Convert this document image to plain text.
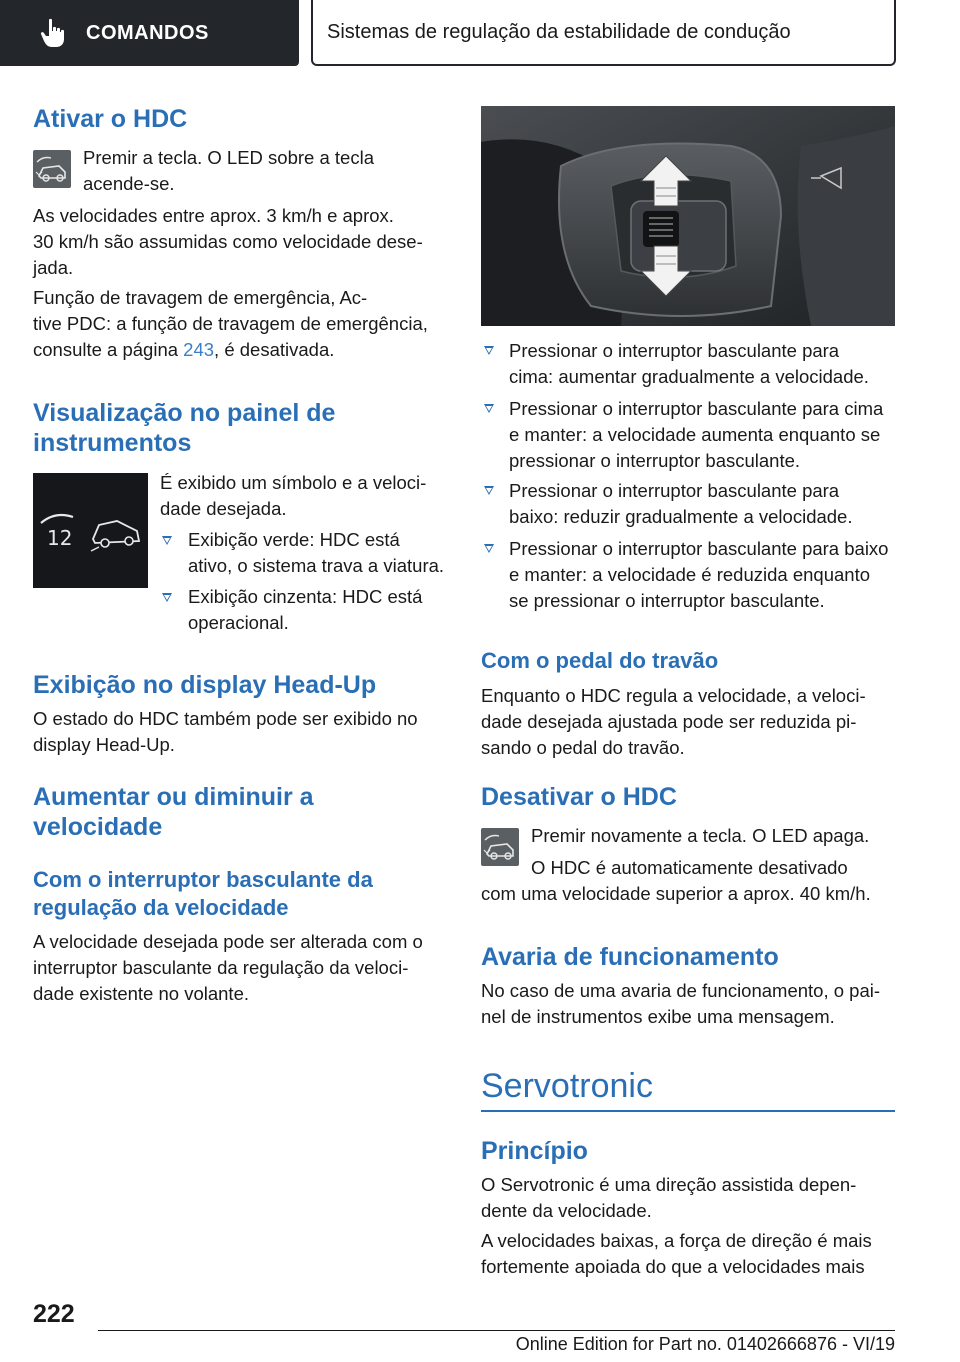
COMANDOS	Sistemas de regulação da estabilidade de condução
Ativar o HDC

Premir a tecla. O LED sobre a tecla

acende-se.

As velocidades entre aprox. 3 km/h e aprox.

30 km/h são assumidas como velocidade dese‐

jada.

Função de travagem de emergência, Ac‐

tive PDC: a função de travagem de emergência,

consulte a página 243, é desativada.

Visualização no painel de
instrumentos
12

É exibido um símbolo e a veloci‐

dade desejada.

Exibição verde: HDC está

ativo, o sistema trava a viatura.

Exibição cinzenta: HDC está

operacional.

Exibição no display Head-Up

O estado do HDC também pode ser exibido no

display Head-Up.

Aumentar ou diminuir a
velocidade
Com o interruptor basculante da
regulação da velocidade

A velocidade desejada pode ser alterada com o

interruptor basculante da regulação da veloci‐

dade existente no volante.

Pressionar o interruptor basculante para

cima: aumentar gradualmente a velocidade.

Pressionar o interruptor basculante para cima

e manter: a velocidade aumenta enquanto se

pressionar o interruptor basculante.

Pressionar o interruptor basculante para

baixo: reduzir gradualmente a velocidade.

Pressionar o interruptor basculante para baixo

e manter: a velocidade é reduzida enquanto

se pressionar o interruptor basculante.

Com o pedal do travão

Enquanto o HDC regula a velocidade, a veloci‐

dade desejada ajustada pode ser reduzida pi‐

sando o pedal do travão.

Desativar o HDC

Premir novamente a tecla. O LED apaga.

O HDC é automaticamente desativado

com uma velocidade superior a aprox. 40 km/h.

Avaria de funcionamento

No caso de uma avaria de funcionamento, o pai‐

nel de instrumentos exibe uma mensagem.

Servotronic
Princípio

O Servotronic é uma direção assistida depen‐

dente da velocidade.

A velocidades baixas, a força de direção é mais

fortemente apoiada do que a velocidades mais

222
Online Edition for Part no. 01402666876 - VI/19
